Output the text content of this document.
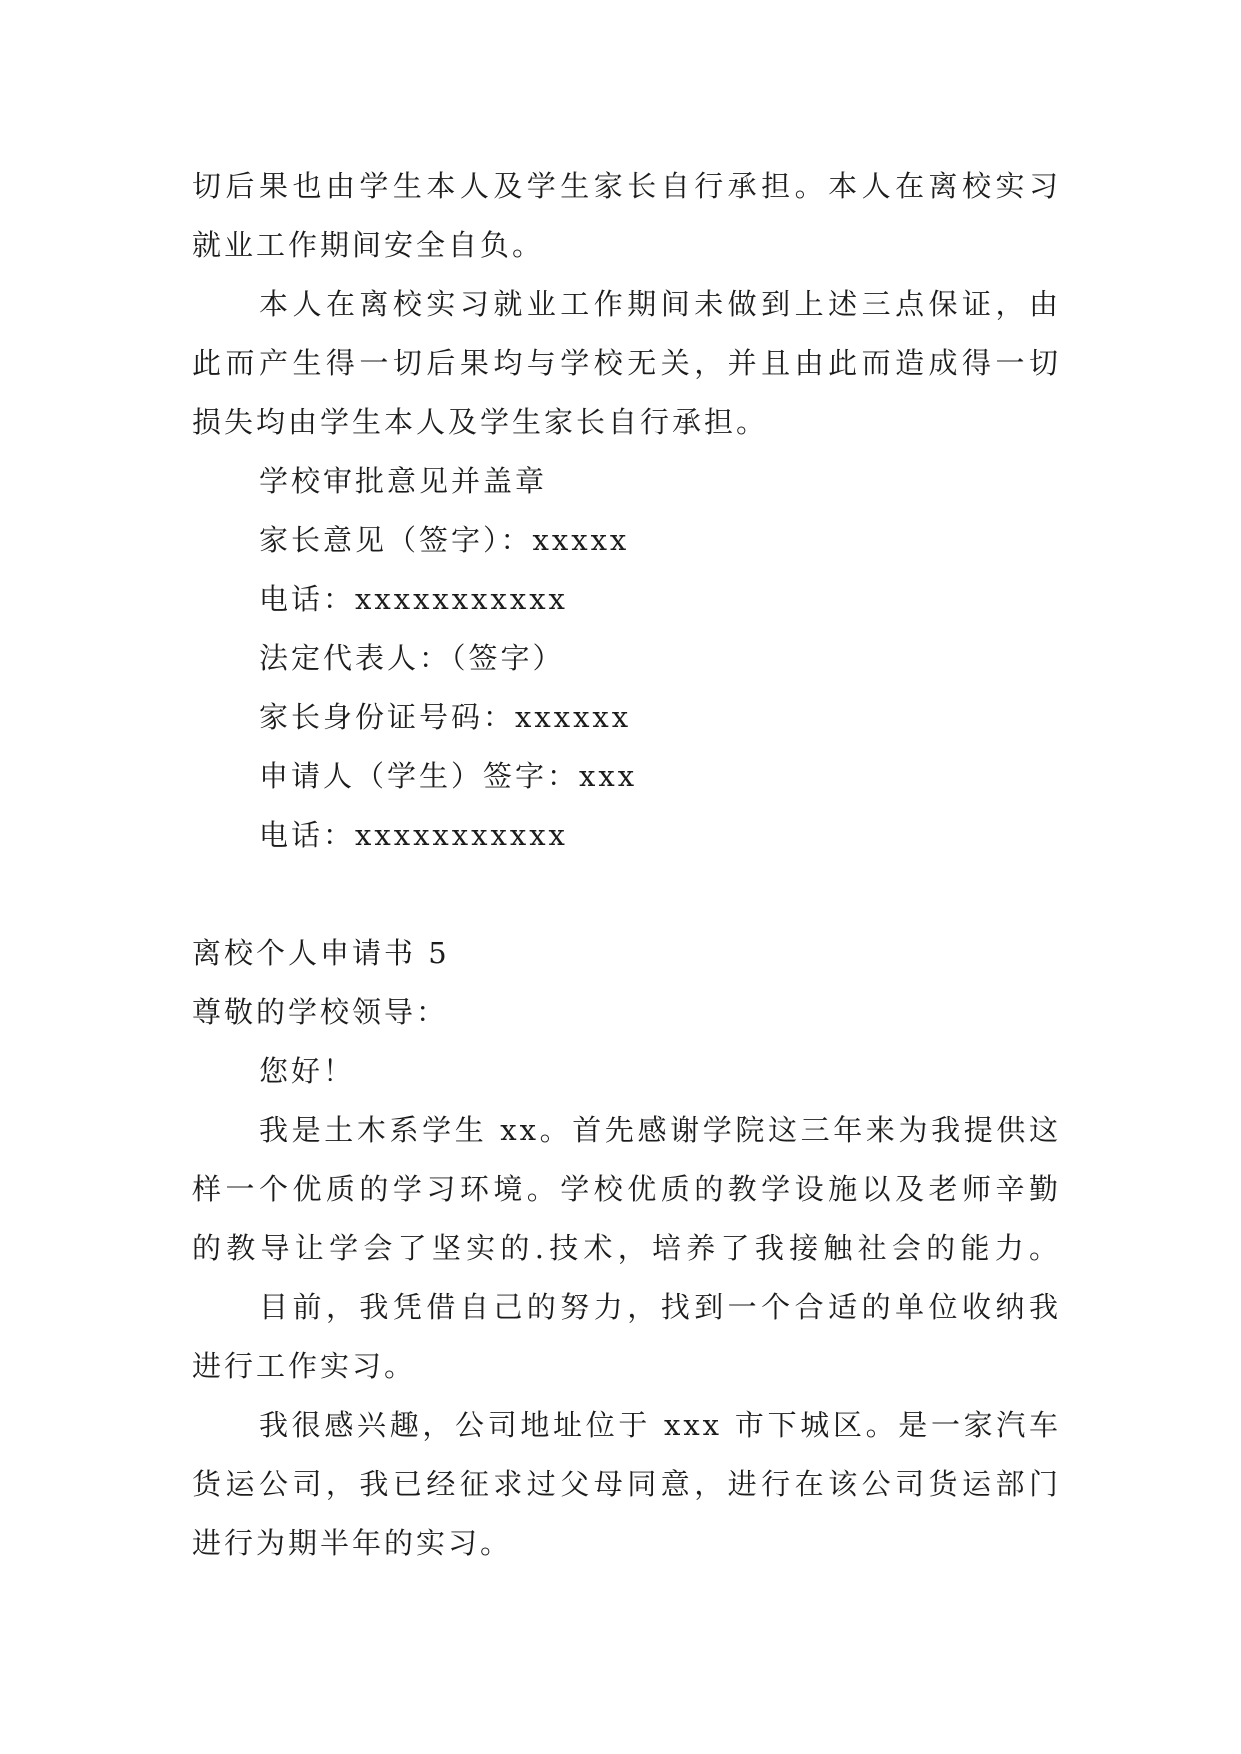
切后果也由学生本人及学生家长自行承担。本人在离校实习
就业工作期间安全自负。
本人在离校实习就业工作期间未做到上述三点保证，由
此而产生得一切后果均与学校无关，并且由此而造成得一切
损失均由学生本人及学生家长自行承担。
学校审批意见并盖章
家长意见（签字）：xxxxx
电话：xxxxxxxxxxx
法定代表人：（签字）
家长身份证号码：xxxxxx
申请人（学生）签字：xxx
电话：xxxxxxxxxxx
离校个人申请书 5
尊敬的学校领导：
您好！
我是土木系学生 xx。首先感谢学院这三年来为我提供这
样一个优质的学习环境。学校优质的教学设施以及老师辛勤
的教导让学会了坚实的.技术，培养了我接触社会的能力。
目前，我凭借自己的努力，找到一个合适的单位收纳我
进行工作实习。
我很感兴趣，公司地址位于 xxx 市下城区。是一家汽车
货运公司，我已经征求过父母同意，进行在该公司货运部门
进行为期半年的实习。
